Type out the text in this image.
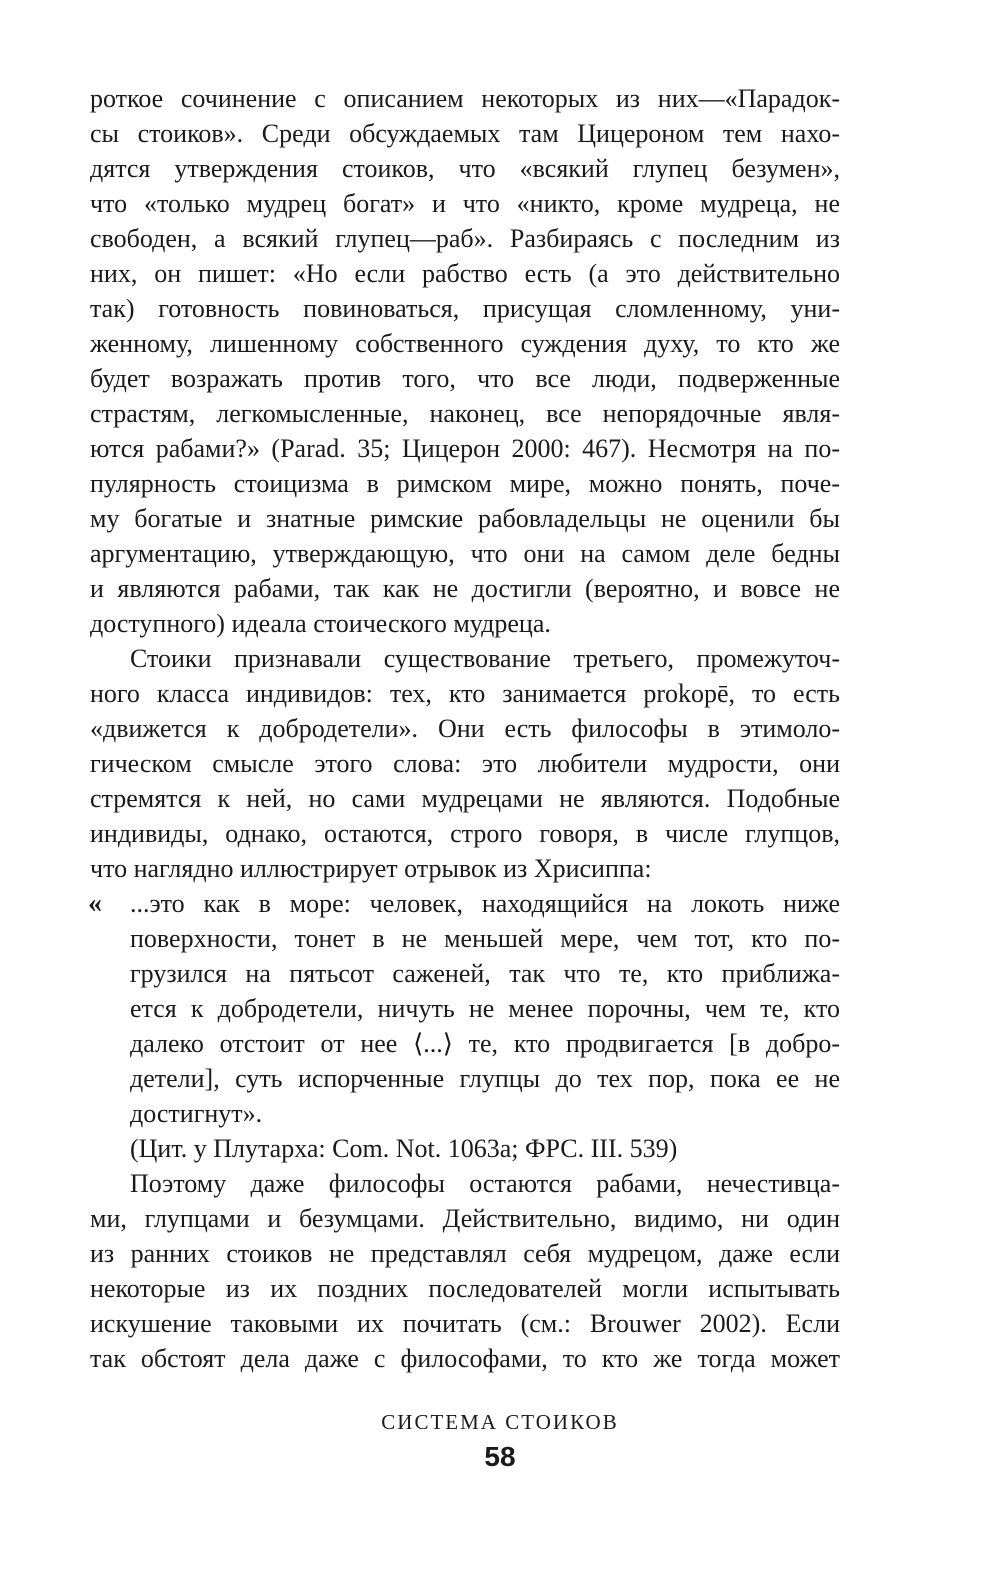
роткое сочинение с описанием некоторых из них—«Парадок-
сы стоиков». Среди обсуждаемых там Цицероном тем нахо-
дятся утверждения стоиков, что «всякий глупец безумен»,
что «только мудрец богат» и что «никто, кроме мудреца, не
свободен, а всякий глупец—раб». Разбираясь с последним из
них, он пишет: «Но если рабство есть (а это действительно
так) готовность повиноваться, присущая сломленному, уни-
женному, лишенному собственного суждения духу, то кто же
будет возражать против того, что все люди, подверженные
страстям, легкомысленные, наконец, все непорядочные явля-
ются рабами?» (Parad. 35; Цицерон 2000: 467). Несмотря на по-
пулярность стоицизма в римском мире, можно понять, поче-
му богатые и знатные римские рабовладельцы не оценили бы
аргументацию, утверждающую, что они на самом деле бедны
и являются рабами, так как не достигли (вероятно, и вовсе не
доступного) идеала стоического мудреца.
Стоики признавали существование третьего, промежуточ-
ного класса индивидов: тех, кто занимается prokopē, то есть
«движется к добродетели». Они есть философы в этимоло-
гическом смысле этого слова: это любители мудрости, они
стремятся к ней, но сами мудрецами не являются. Подобные
индивиды, однако, остаются, строго говоря, в числе глупцов,
что наглядно иллюстрирует отрывок из Хрисиппа:
« ...это как в море: человек, находящийся на локоть ниже
поверхности, тонет в не меньшей мере, чем тот, кто по-
грузился на пятьсот саженей, так что те, кто приближа-
ется к добродетели, ничуть не менее порочны, чем те, кто
далеко отстоит от нее ⟨...⟩ те, кто продвигается [в добро-
детели], суть испорченные глупцы до тех пор, пока ее не
достигнут».
(Цит. у Плутарха: Com. Not. 1063a; ФРС. III. 539)
Поэтому даже философы остаются рабами, нечестивца-
ми, глупцами и безумцами. Действительно, видимо, ни один
из ранних стоиков не представлял себя мудрецом, даже если
некоторые из их поздних последователей могли испытывать
искушение таковыми их почитать (см.: Brouwer 2002). Если
так обстоят дела даже с философами, то кто же тогда может
СИСТЕМА СТОИКОВ
58
